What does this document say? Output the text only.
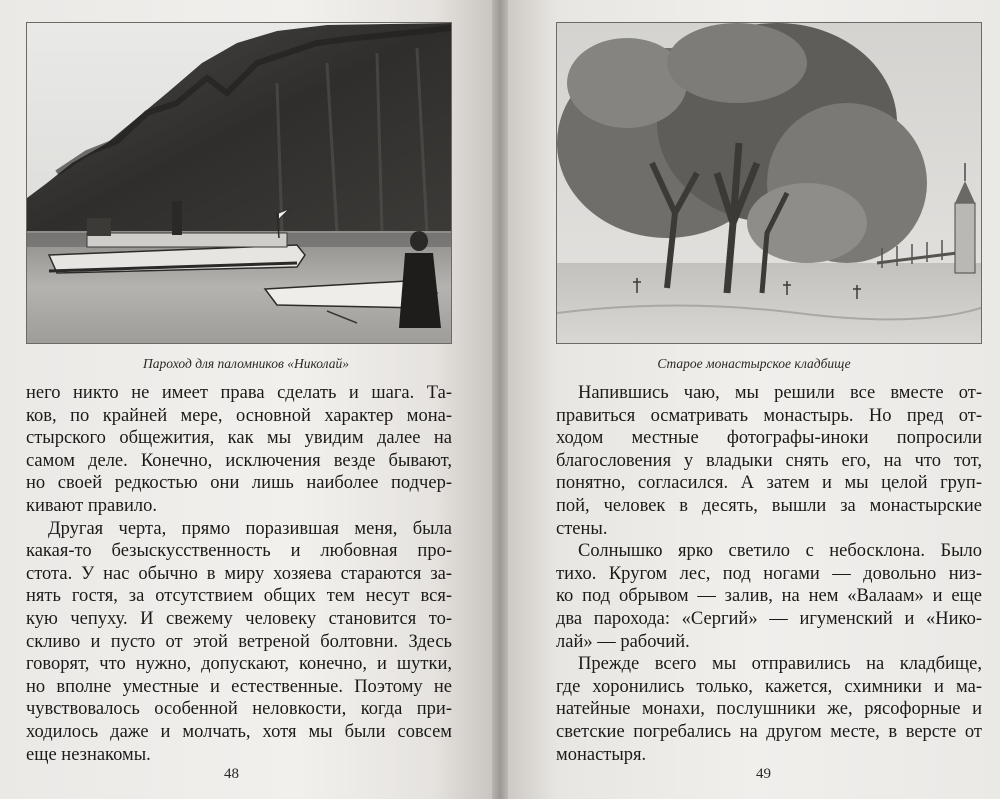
Пароход для паломников «Николай»
него никто не имеет права сделать и шага. Та-
ков, по крайней мере, основной характер мона-
стырского общежития, как мы увидим далее на
самом деле. Конечно, исключения везде бывают,
но своей редкостью они лишь наиболее подчер-
кивают правило.
Другая черта, прямо поразившая меня, была
какая-то безыскусственность и любовная про-
стота. У нас обычно в миру хозяева стараются за-
нять гостя, за отсутствием общих тем несут вся-
кую чепуху. И свежему человеку становится то-
скливо и пусто от этой ветреной болтовни. Здесь
говорят, что нужно, допускают, конечно, и шутки,
но вполне уместные и естественные. Поэтому не
чувствовалось особенной неловкости, когда при-
ходилось даже и молчать, хотя мы были совсем
еще незнакомы.
48
Старое монастырское кладбище
Напившись чаю, мы решили все вместе от-
правиться осматривать монастырь. Но пред от-
ходом местные фотографы-иноки попросили
благословения у владыки снять его, на что тот,
понятно, согласился. А затем и мы целой груп-
пой, человек в десять, вышли за монастырские
стены.
Солнышко ярко светило с небосклона. Было
тихо. Кругом лес, под ногами — довольно низ-
ко под обрывом — залив, на нем «Валаам» и еще
два парохода: «Сергий» — игуменский и «Нико-
лай» — рабочий.
Прежде всего мы отправились на кладбище,
где хоронились только, кажется, схимники и ма-
натейные монахи, послушники же, рясофорные и
светские погребались на другом месте, в версте от
монастыря.
49
